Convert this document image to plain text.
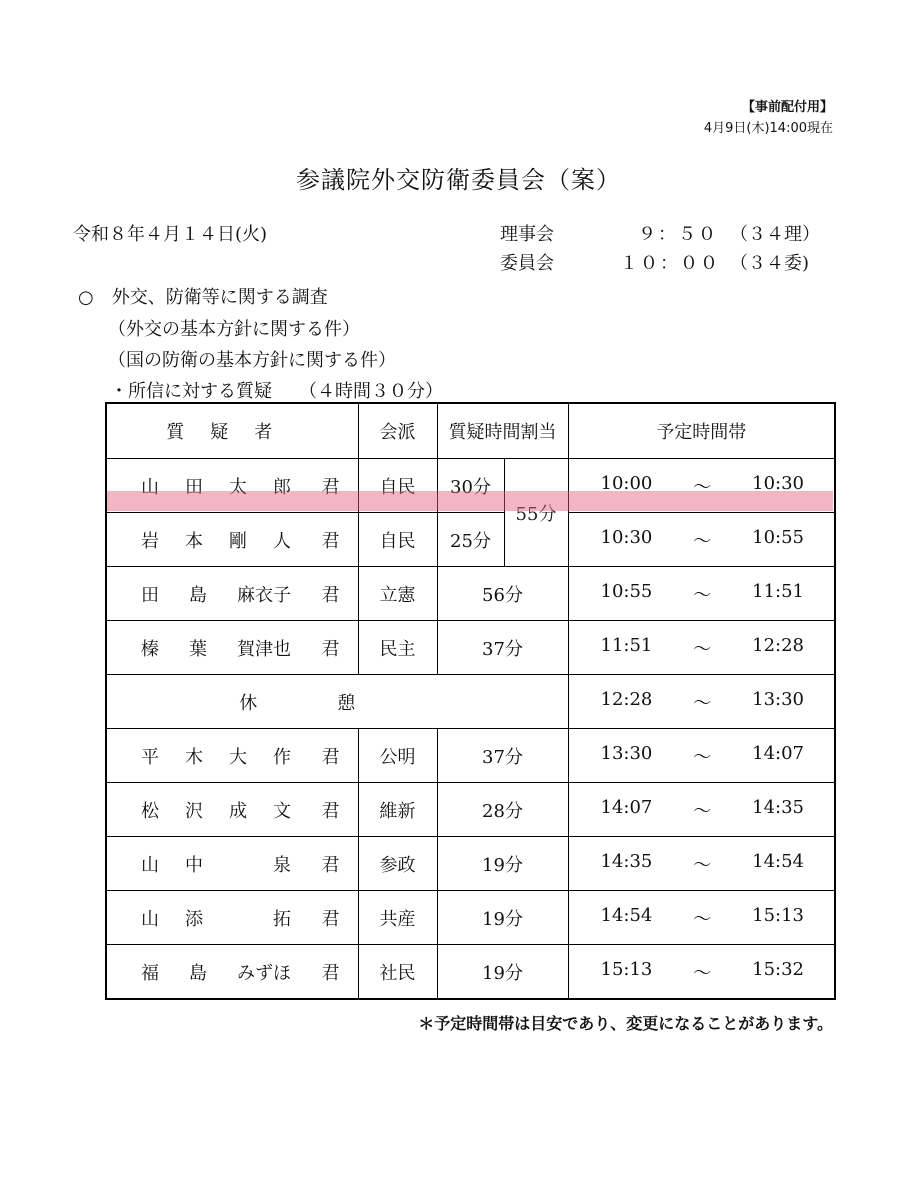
【事前配付用】
4月9日(木)14:00現在
参議院外交防衛委員会（案）
令和８年４月１４日(火)	理事会	９：５０ （３４理）
委員会	１０：００ （３４委)
○　外交、防衛等に関する調査
（外交の基本方針に関する件）
（国の防衛の基本方針に関する件）
・所信に対する質疑　　（４時間３０分）
質疑者	会派	質疑時間割当		予定時間帯

山 田 太 郎 君	自民	30分	55分	10:00 〜 10:30

岩 本 剛 人 君	自民	25分		10:30 〜 10:55

田 島 麻衣子 君	立憲	56分		10:55 〜 11:51

榛 葉 賀津也 君	民主	37分		11:51 〜 12:28

休憩				12:28 〜 13:30

平 木 大 作 君	公明	37分		13:30 〜 14:07

松 沢 成 文 君	維新	28分		14:07 〜 14:35

山 中
　 泉 君	参政	19分		14:35 〜 14:54

山 添
　 拓 君	共産	19分		14:54 〜 15:13

福 島 みずほ 君	社民	19分		15:13 〜 15:32
＊予定時間帯は目安であり、変更になることがあります。
